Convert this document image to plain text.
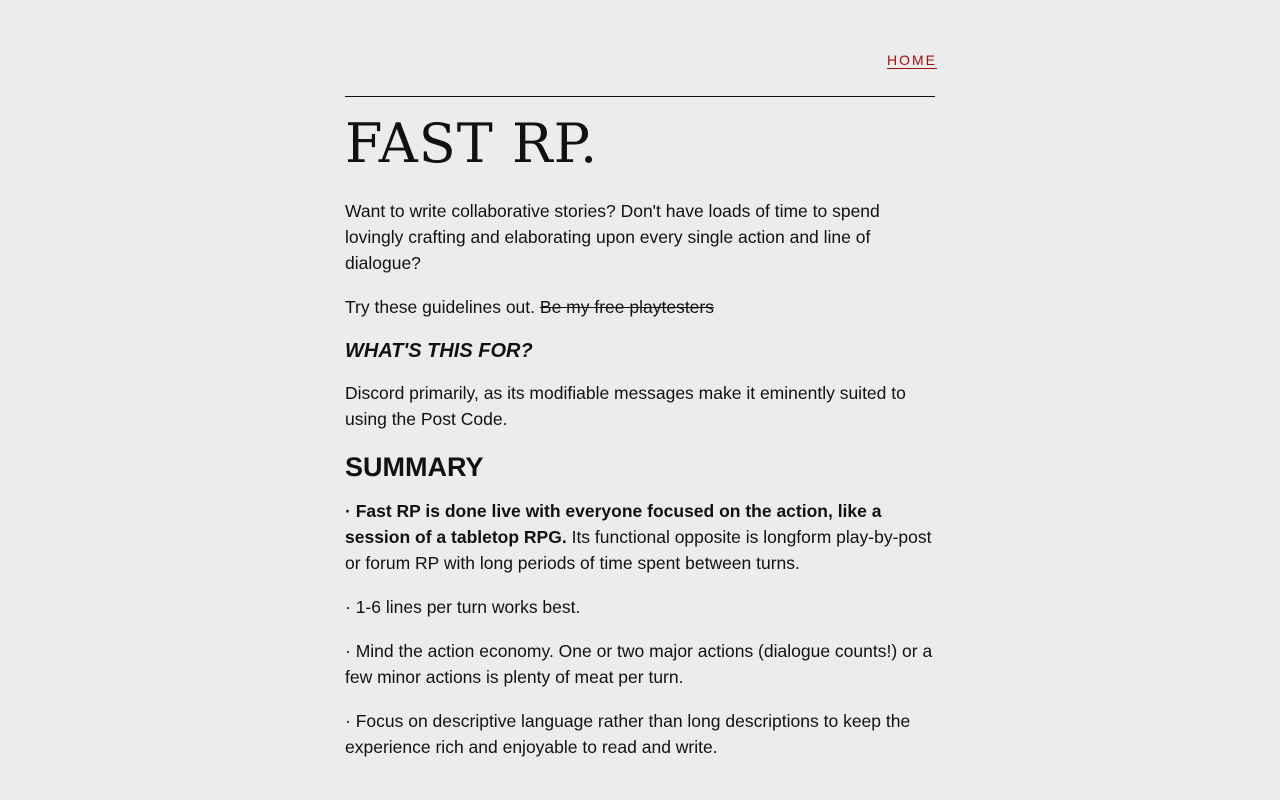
HOME
FAST RP.

Want to write collaborative stories? Don't have loads of time to spend lovingly crafting and elaborating upon every single action and line of dialogue?

Try these guidelines out. Be my free playtesters

WHAT'S THIS FOR?

Discord primarily, as its modifiable messages make it eminently suited to using the Post Code.

SUMMARY

· Fast RP is done live with everyone focused on the action, like a session of a tabletop RPG. Its functional opposite is longform play-by-post or forum RP with long periods of time spent between turns.

· 1-6 lines per turn works best.

· Mind the action economy. One or two major actions (dialogue counts!) or a few minor actions is plenty of meat per turn.

· Focus on descriptive language rather than long descriptions to keep the experience rich and enjoyable to read and write.
